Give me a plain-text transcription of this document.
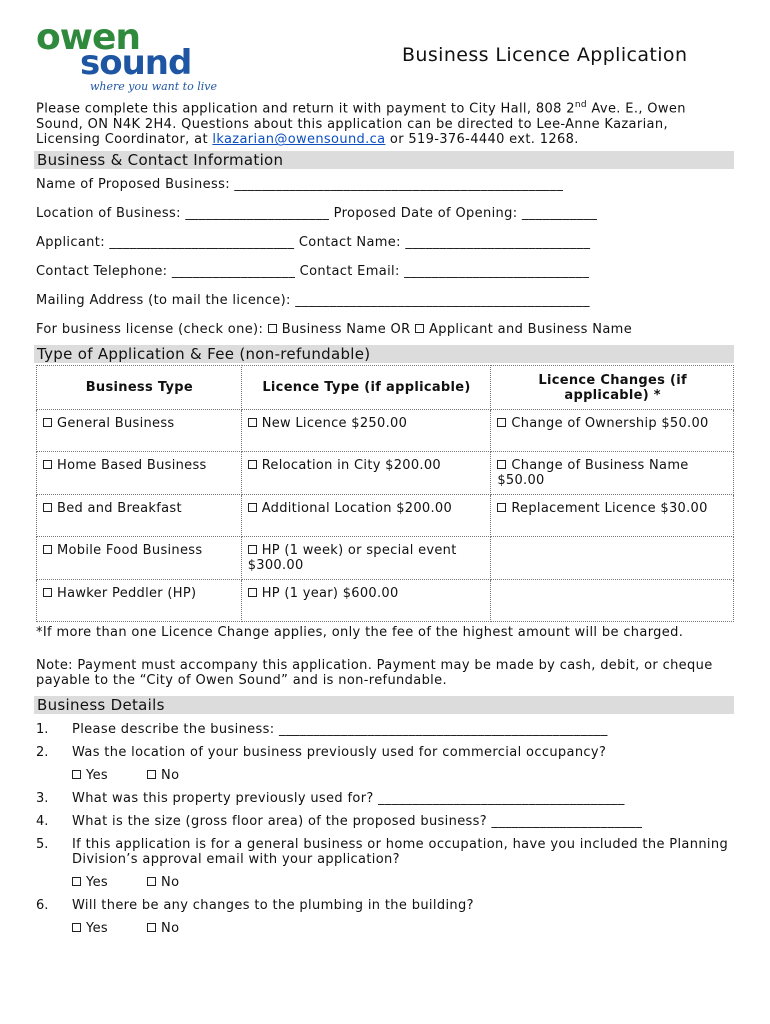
owen
sound
where you want to live
Business Licence Application
Please complete this application and return it with payment to City Hall, 808 2nd Ave. E., Owen Sound, ON N4K 2H4. Questions about this application can be directed to Lee-Anne Kazarian, Licensing Coordinator, at lkazarian@owensound.ca or 519-376-4440 ext. 1268.
Business & Contact Information
Name of Proposed Business: ________________________________________________
Location of Business: _____________________ Proposed Date of Opening: ___________
Applicant: ___________________________ Contact Name: ___________________________
Contact Telephone: __________________ Contact Email: ___________________________
Mailing Address (to mail the licence): ___________________________________________
For business license (check one): Business Name OR Applicant and Business Name
Type of Application & Fee (non-refundable)
Business Type	Licence Type (if applicable)	Licence Changes (if applicable) *
General Business	New Licence $250.00	Change of Ownership $50.00
Home Based Business	Relocation in City $200.00	Change of Business Name $50.00
Bed and Breakfast	Additional Location $200.00	Replacement Licence $30.00
Mobile Food Business	HP (1 week) or special event $300.00	
Hawker Peddler (HP)	HP (1 year) $600.00	
*If more than one Licence Change applies, only the fee of the highest amount will be charged.
Note: Payment must accompany this application. Payment may be made by cash, debit, or cheque payable to the “City of Owen Sound” and is non-refundable.
Business Details
1. Please describe the business: ________________________________________________
2. Was the location of your business previously used for commercial occupancy?
Yes	No
3. What was this property previously used for? ____________________________________
4. What is the size (gross floor area) of the proposed business? ______________________
5. If this application is for a general business or home occupation, have you included the Planning Division’s approval email with your application?
Yes	No
6. Will there be any changes to the plumbing in the building?
Yes	No
